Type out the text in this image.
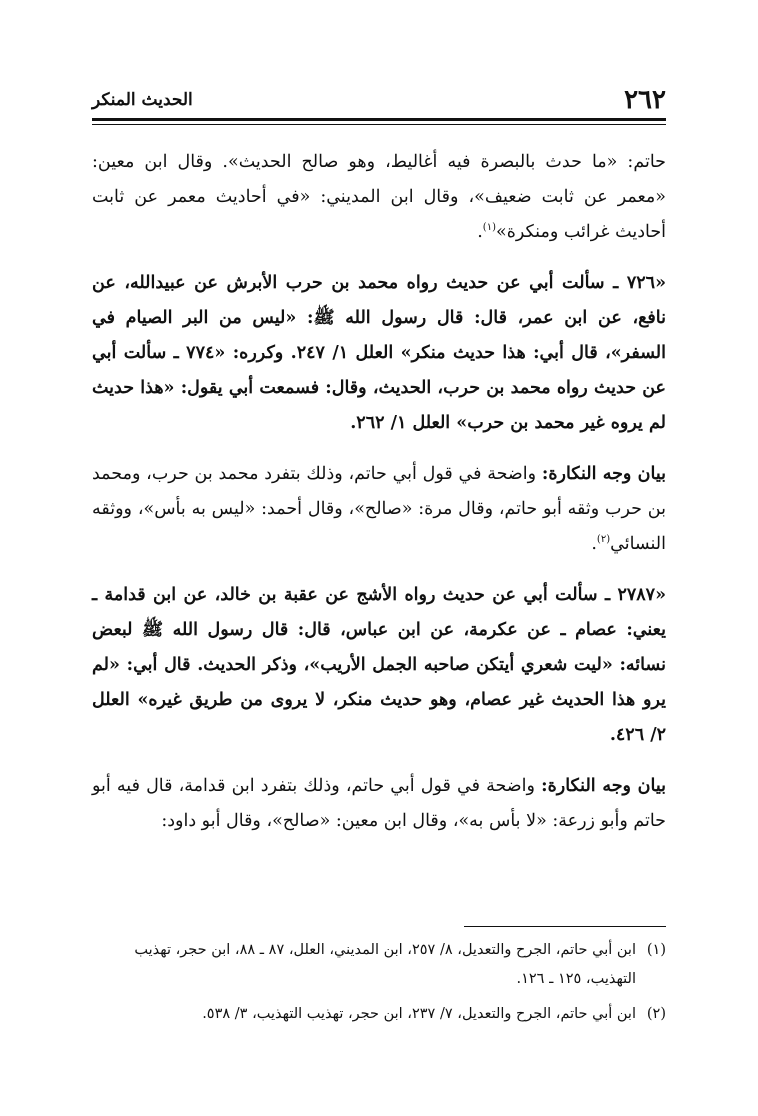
٢٦٢
الحديث المنكر

حاتم: «ما حدث بالبصرة فيه أغاليط، وهو صالح الحديث». وقال ابن معين: «معمر عن ثابت ضعيف»، وقال ابن المديني: «في أحاديث معمر عن ثابت أحاديث غرائب ومنكرة»$^{(١)}$.

«٧٢٦ ـ سألت أبي عن حديث رواه محمد بن حرب الأبرش عن عبيدالله، عن نافع، عن ابن عمر، قال: قال رسول الله ﷺ: «ليس من البر الصيام في السفر»، قال أبي: هذا حديث منكر» العلل ١/ ٢٤٧. وكرره: «٧٧٤ ـ سألت أبي عن حديث رواه محمد بن حرب، الحديث، وقال: فسمعت أبي يقول: «هذا حديث لم يروه غير محمد بن حرب» العلل ١/ ٢٦٢.

بيان وجه النكارة: واضحة في قول أبي حاتم، وذلك بتفرد محمد بن حرب، ومحمد بن حرب وثقه أبو حاتم، وقال مرة: «صالح»، وقال أحمد: «ليس به بأس»، ووثقه النسائي$^{(٢)}$.

«٢٧٨٧ ـ سألت أبي عن حديث رواه الأشج عن عقبة بن خالد، عن ابن قدامة ـ يعني: عصام ـ عن عكرمة، عن ابن عباس، قال: قال رسول الله ﷺ لبعض نسائه: «ليت شعري أيتكن صاحبه الجمل الأريب»، وذكر الحديث. قال أبي: «لم يرو هذا الحديث غير عصام، وهو حديث منكر، لا يروى من طريق غيره» العلل ٢/ ٤٢٦.

بيان وجه النكارة: واضحة في قول أبي حاتم، وذلك بتفرد ابن قدامة، قال فيه أبو حاتم وأبو زرعة: «لا بأس به»، وقال ابن معين: «صالح»، وقال أبو داود:

(١)
ابن أبي حاتم، الجرح والتعديل، ٨/ ٢٥٧، ابن المديني، العلل، ٨٧ ـ ٨٨، ابن حجر، تهذيب التهذيب، ١٢٥ ـ ١٢٦.
(٢)
ابن أبي حاتم، الجرح والتعديل، ٧/ ٢٣٧، ابن حجر، تهذيب التهذيب، ٣/ ٥٣٨.
